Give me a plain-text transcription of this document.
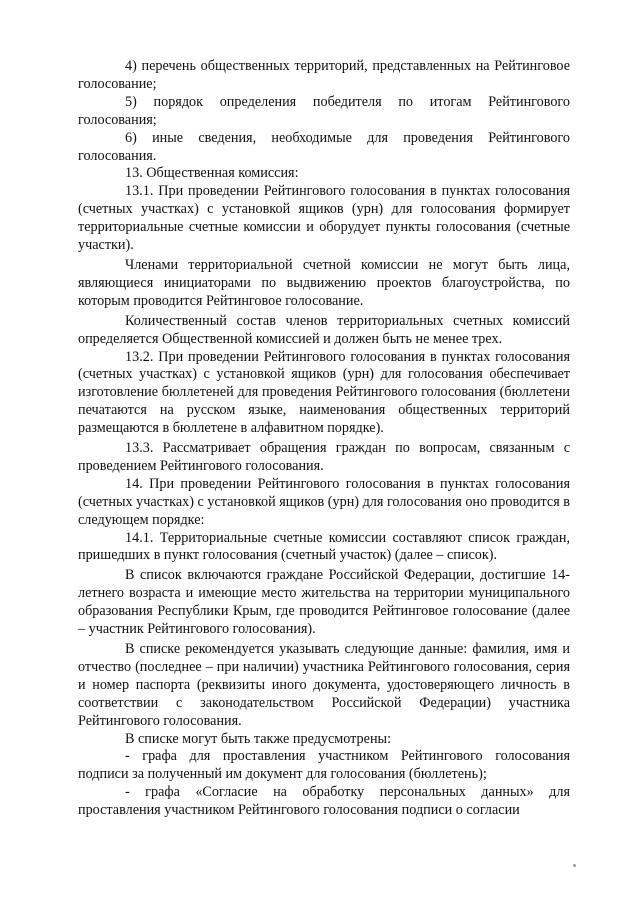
4) перечень общественных территорий, представленных на Рейтинговое голосование;

5) порядок определения победителя по итогам Рейтингового голосования;

6) иные сведения, необходимые для проведения Рейтингового голосования.

13. Общественная комиссия:

13.1. При проведении Рейтингового голосования в пунктах голосования (счетных участках) с установкой ящиков (урн) для голосования формирует территориальные счетные комиссии и оборудует пункты голосования (счетные участки).

Членами территориальной счетной комиссии не могут быть лица, являющиеся инициаторами по выдвижению проектов благоустройства, по которым проводится Рейтинговое голосование.

Количественный состав членов территориальных счетных комиссий определяется Общественной комиссией и должен быть не менее трех.

13.2. При проведении Рейтингового голосования в пунктах голосования (счетных участках) с установкой ящиков (урн) для голосования обеспечивает изготовление бюллетеней для проведения Рейтингового голосования (бюллетени печатаются на русском языке, наименования общественных территорий размещаются в бюллетене в алфавитном порядке).

13.3. Рассматривает обращения граждан по вопросам, связанным с проведением Рейтингового голосования.

14. При проведении Рейтингового голосования в пунктах голосования (счетных участках) с установкой ящиков (урн) для голосования оно проводится в следующем порядке:

14.1. Территориальные счетные комиссии составляют список граждан, пришедших в пункт голосования (счетный участок) (далее – список).

В список включаются граждане Российской Федерации, достигшие 14-летнего возраста и имеющие место жительства на территории муниципального образования Республики Крым, где проводится Рейтинговое голосование (далее – участник Рейтингового голосования).

В списке рекомендуется указывать следующие данные: фамилия, имя и отчество (последнее – при наличии) участника Рейтингового голосования, серия и номер паспорта (реквизиты иного документа, удостоверяющего личность в соответствии с законодательством Российской Федерации) участника Рейтингового голосования.

В списке могут быть также предусмотрены:

- графа для проставления участником Рейтингового голосования подписи за полученный им документ для голосования (бюллетень);

- графа «Согласие на обработку персональных данных» для проставления участником Рейтингового голосования подписи о согласии
